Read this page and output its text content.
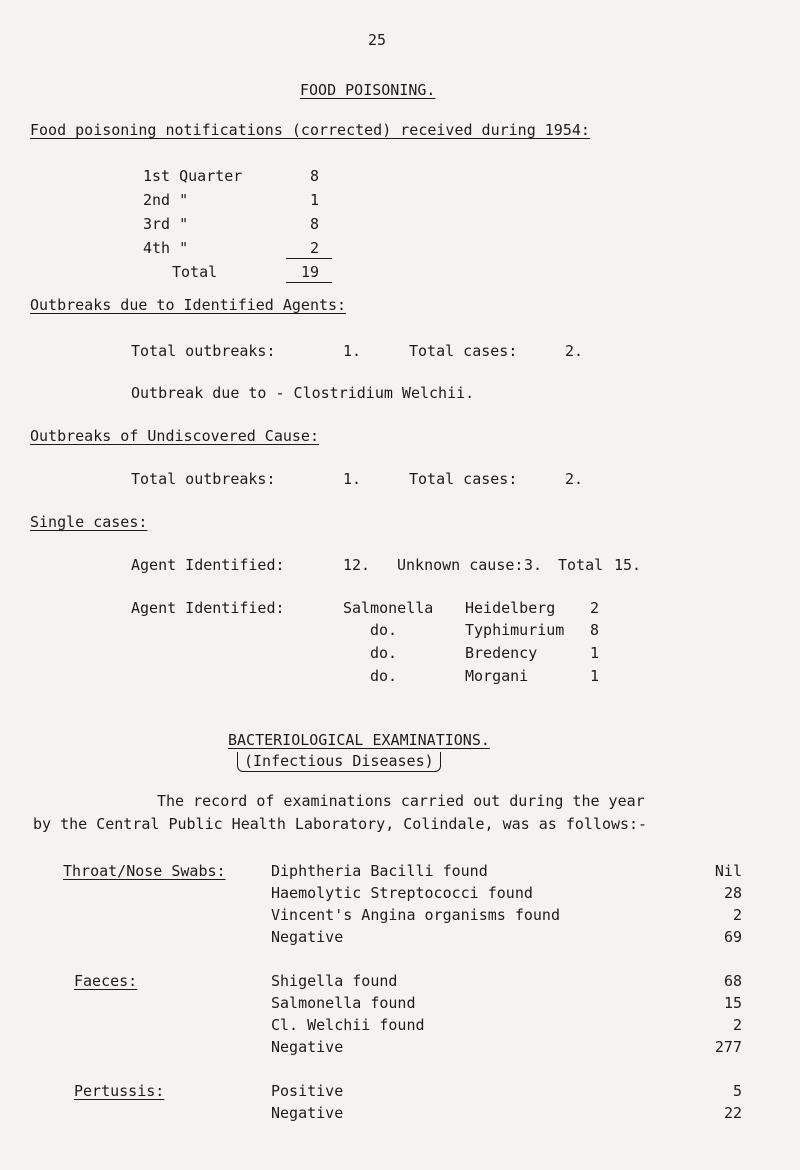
25
FOOD POISONING.
Food poisoning notifications (corrected) received during 1954:
1st Quarter	8
2nd "	1
3rd "	8
4th "	2
Total	19
Outbreaks due to Identified Agents:
Total outbreaks:	1.	Total cases:	2.
Outbreak due to - Clostridium Welchii.
Outbreaks of Undiscovered Cause:
Total outbreaks:	1.	Total cases:	2.
Single cases:
Agent Identified:	12. Unknown cause: 3. Total 15.
Agent Identified:	Salmonella Heidelberg 2
do.	Typhimurium 8
do.	Bredency	1
do.	Morgani	1
BACTERIOLOGICAL EXAMINATIONS.
(Infectious Diseases)
The record of examinations carried out during the year
by the Central Public Health Laboratory, Colindale, was as follows:-
Throat/Nose Swabs:	Diphtheria Bacilli found	Nil
Haemolytic Streptococci found	28
Vincent's Angina organisms found	2
Negative	69
Faeces:	Shigella found	68
Salmonella found	15
Cl. Welchii found	2
Negative	277
Pertussis:	Positive	5
Negative	22
